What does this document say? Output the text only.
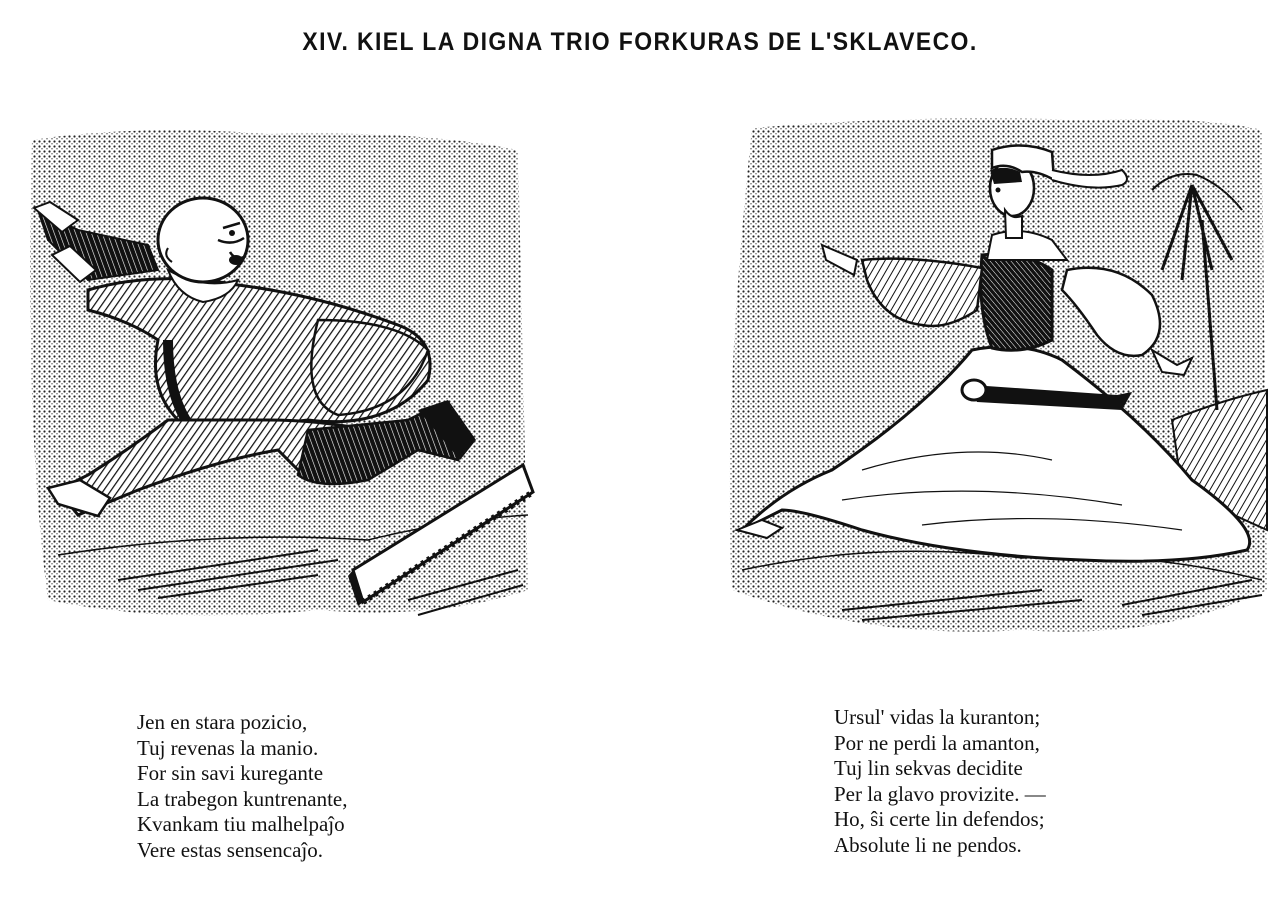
XIV. KIEL LA DIGNA TRIO FORKURAS DE L'SKLAVECO.
Jen en stara pozicio,
Tuj revenas la manio.
For sin savi kuregante
La trabegon kuntrenante,
Kvankam tiu malhelpaĵo
Vere estas sensencaĵo.
Ursul' vidas la kuranton;
Por ne perdi la amanton,
Tuj lin sekvas decidite
Per la glavo provizite. —
Ho, ŝi certe lin defendos;
Absolute li ne pendos.
